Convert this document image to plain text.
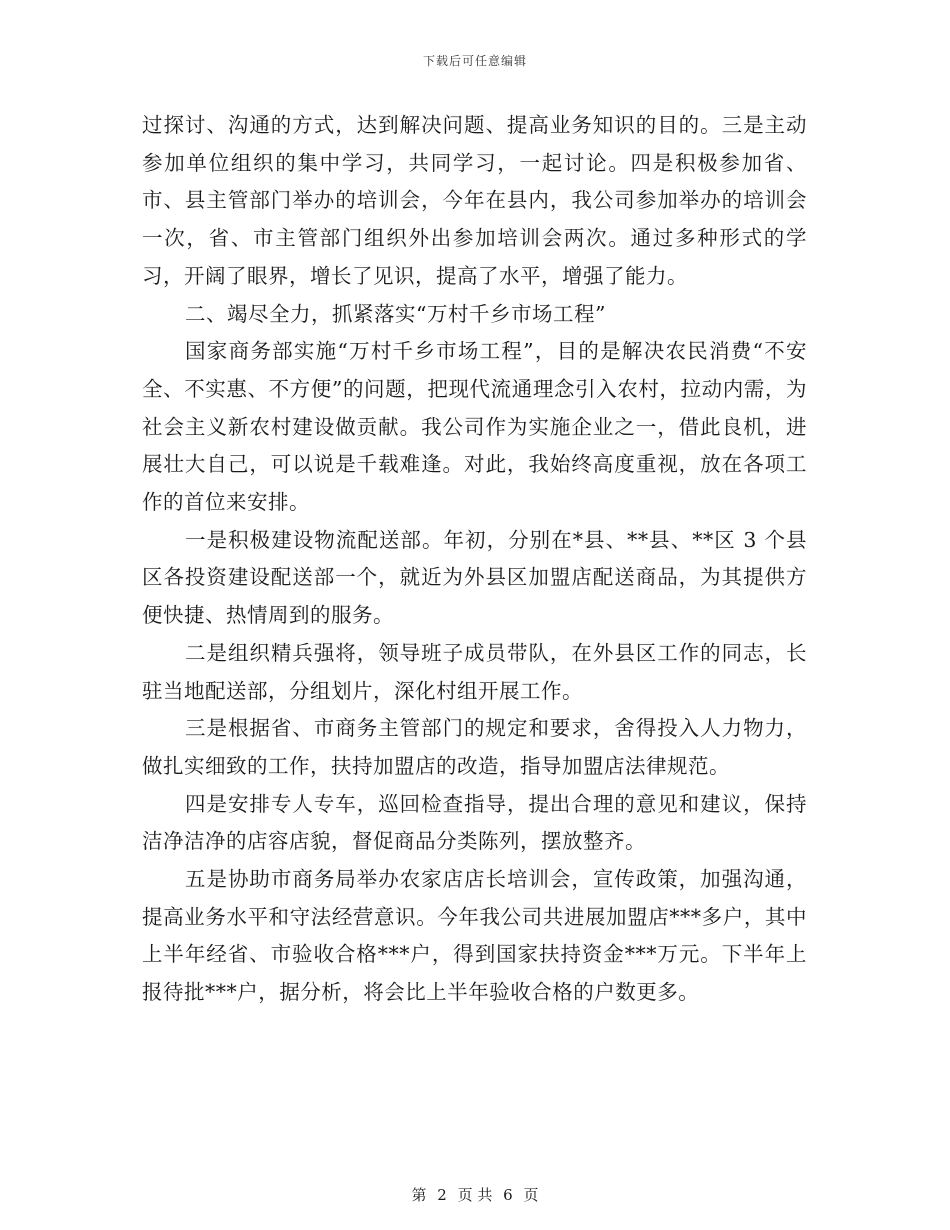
下载后可任意编辑

过探讨、沟通的方式，达到解决问题、提高业务知识的目的。三是主动参加单位组织的集中学习，共同学习，一起讨论。四是积极参加省、市、县主管部门举办的培训会，今年在县内，我公司参加举办的培训会一次，省、市主管部门组织外出参加培训会两次。通过多种形式的学习，开阔了眼界，增长了见识，提高了水平，增强了能力。

二、竭尽全力，抓紧落实“万村千乡市场工程”

国家商务部实施“万村千乡市场工程”，目的是解决农民消费“不安全、不实惠、不方便”的问题，把现代流通理念引入农村，拉动内需，为社会主义新农村建设做贡献。我公司作为实施企业之一，借此良机，进展壮大自己，可以说是千载难逢。对此，我始终高度重视，放在各项工作的首位来安排。

一是积极建设物流配送部。年初，分别在*县、**县、**区 3 个县区各投资建设配送部一个，就近为外县区加盟店配送商品，为其提供方便快捷、热情周到的服务。

二是组织精兵强将，领导班子成员带队，在外县区工作的同志，长驻当地配送部，分组划片，深化村组开展工作。

三是根据省、市商务主管部门的规定和要求，舍得投入人力物力，做扎实细致的工作，扶持加盟店的改造，指导加盟店法律规范。

四是安排专人专车，巡回检查指导，提出合理的意见和建议，保持洁净洁净的店容店貌，督促商品分类陈列，摆放整齐。

五是协助市商务局举办农家店店长培训会，宣传政策，加强沟通，提高业务水平和守法经营意识。今年我公司共进展加盟店***多户，其中上半年经省、市验收合格***户，得到国家扶持资金***万元。下半年上报待批***户，据分析，将会比上半年验收合格的户数更多。

第 2 页 共 6 页
